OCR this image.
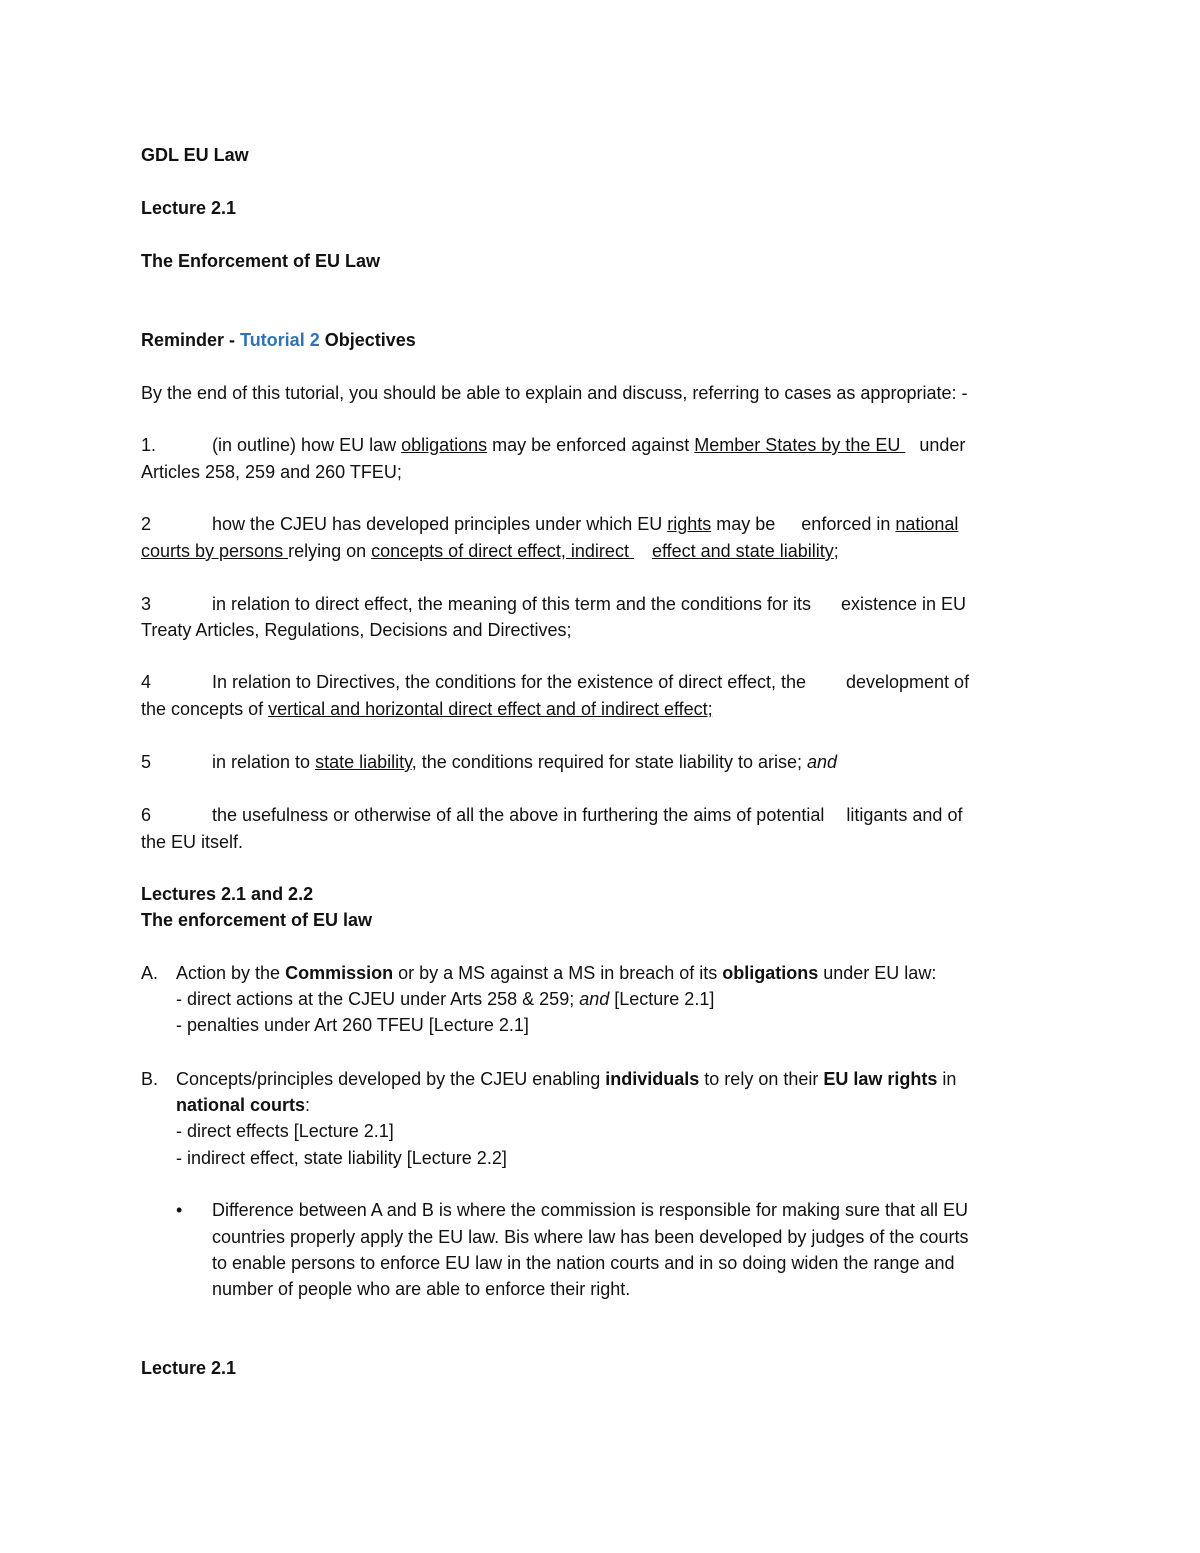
GDL EU Law
Lecture 2.1
The Enforcement of EU Law
Reminder - Tutorial 2 Objectives
By the end of this tutorial, you should be able to explain and discuss, referring to cases as appropriate: -
1.	(in outline) how EU law obligations may be enforced against Member States by the EU under
Articles 258, 259 and 260 TFEU;
2	how the CJEU has developed principles under which EU rights may be enforced in national
courts by persons relying on concepts of direct effect, indirect effect and state liability;
3	in relation to direct effect, the meaning of this term and the conditions for its existence in EU
Treaty Articles, Regulations, Decisions and Directives;
4	In relation to Directives, the conditions for the existence of direct effect, the development of
the concepts of vertical and horizontal direct effect and of indirect effect;
5	in relation to state liability, the conditions required for state liability to arise; and
6	the usefulness or otherwise of all the above in furthering the aims of potential litigants and of
the EU itself.
Lectures 2.1 and 2.2
The enforcement of EU law
A. Action by the Commission or by a MS against a MS in breach of its obligations under EU law:
- direct actions at the CJEU under Arts 258 & 259; and [Lecture 2.1]
- penalties under Art 260 TFEU [Lecture 2.1]
B. Concepts/principles developed by the CJEU enabling individuals to rely on their EU law rights in
national courts:
- direct effects [Lecture 2.1]
- indirect effect, state liability [Lecture 2.2]
• Difference between A and B is where the commission is responsible for making sure that all EU
countries properly apply the EU law. Bis where law has been developed by judges of the courts
to enable persons to enforce EU law in the nation courts and in so doing widen the range and
number of people who are able to enforce their right.
Lecture 2.1
